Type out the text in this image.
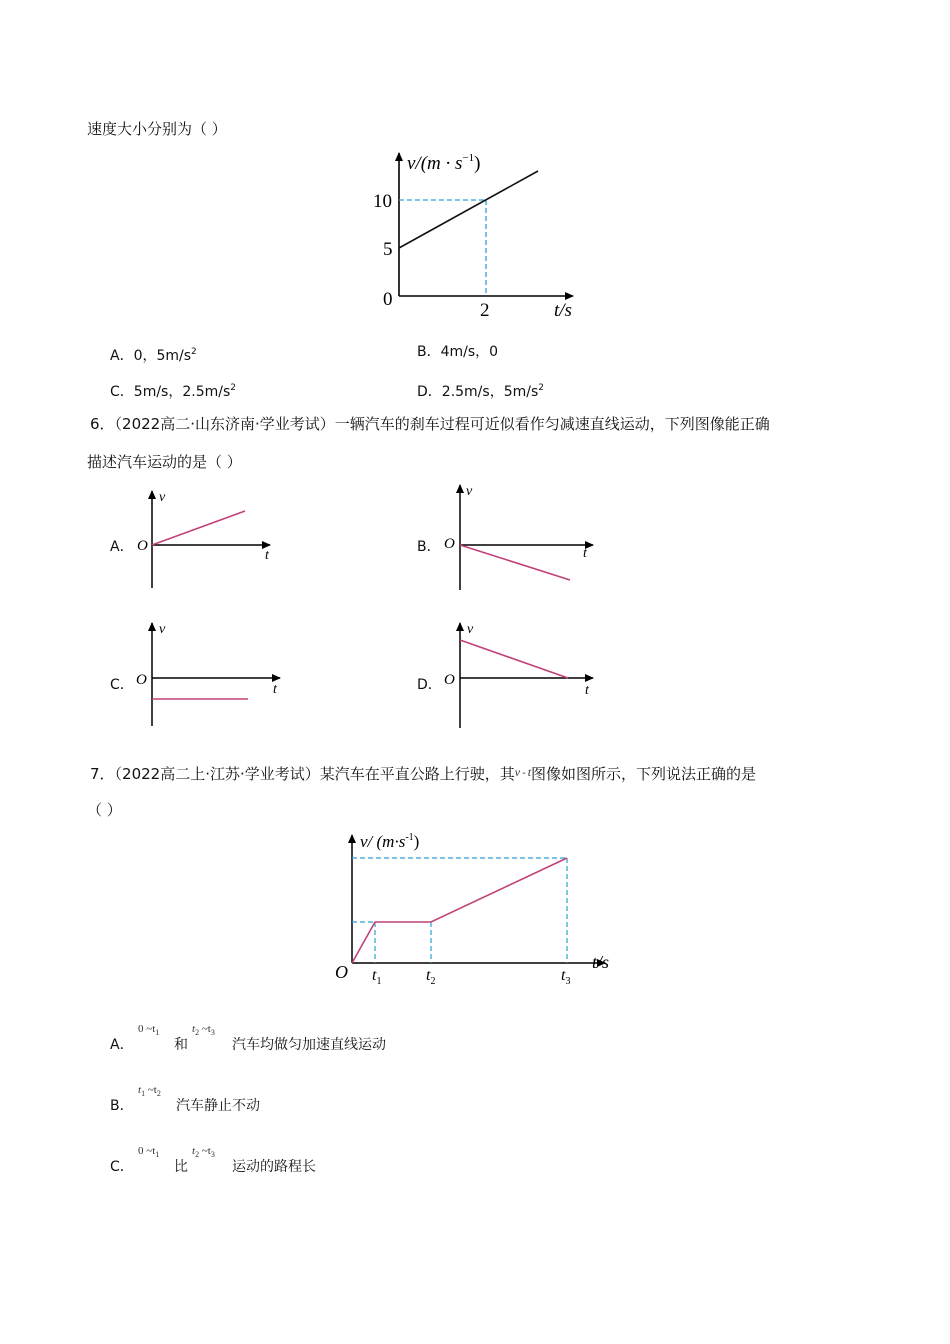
速度大小分别为（ ）
$v/(m \cdot s^{-1})$
10
5
0
2	t/s
A．0，$5m/s^2$	B．4m/s，0
C．5m/s，$2.5m/s^2$	D．2.5m/s，$5m/s^2$
6．（2022高二·山东济南·学业考试）一辆汽车的刹车过程可近似看作匀减速直线运动，下列图像能正确
描述汽车运动的是（ ）
A．
v
O
t
B．
v
O
t
C．
v
O
t	D．
v
O
t
7．（2022高二上·江苏·学业考试）某汽车在平直公路上行驶，其$^v$ - $^t$图像如图所示，下列说法正确的是
（ ）
v/ $(m\cdot s^{-1})$
O $t_1$	$t_2$	$t_3$
t/s
A．
0 $\sim t_1$
和
$t_2$ $\sim t_3$
汽车均做匀加速直线运动
B．
$t_1$ $\sim t_2$
汽车静止不动
C．
0 $\sim t_1$
比
$t_2$ $\sim t_3$
运动的路程长
